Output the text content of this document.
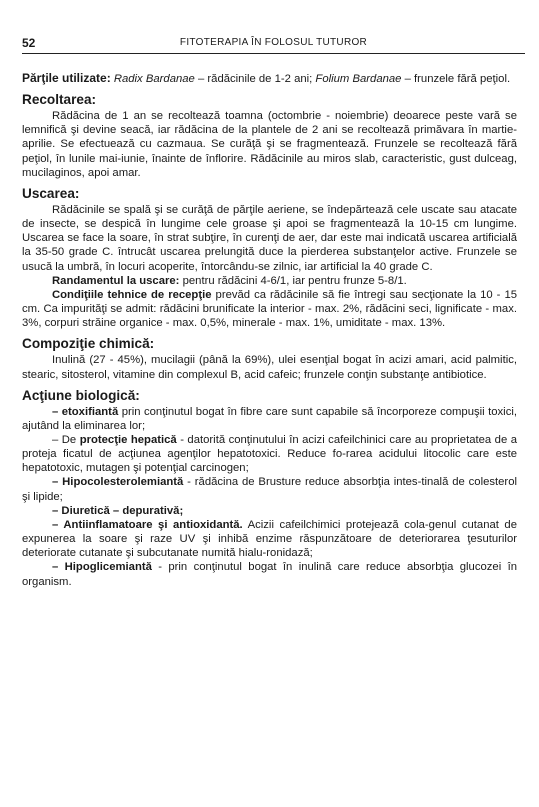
52	FITOTERAPIA ÎN FOLOSUL TUTUROR

Părţile utilizate: Radix Bardanae – rădăcinile de 1-2 ani; Folium Bardanae – frunzele fără peţiol.

Recoltarea:

Rădăcina de 1 an se recoltează toamna (octombrie - noiembrie) deoarece peste vară se lemnifică şi devine seacă, iar rădăcina de la plantele de 2 ani se recoltează primăvara în martie-aprilie. Se efectuează cu cazmaua. Se curăţă şi se fragmentează. Frunzele se recoltează fără peţiol, în lunile mai-iunie, înainte de înflorire. Rădăcinile au miros slab, caracteristic, gust dulceag, mucilaginos, apoi amar.

Uscarea:

Rădăcinile se spală şi se curăţă de părţile aeriene, se îndepărtează cele uscate sau atacate de insecte, se despică în lungime cele groase şi apoi se fragmentează la 10-15 cm lungime. Uscarea se face la soare, în strat subţire, în curenţi de aer, dar este mai indicată uscarea artificială la 35-50 grade C. întrucât uscarea prelungită duce la pierderea substanţelor active. Frunzele se usucă la umbră, în locuri acoperite, întorcându-se zilnic, iar artificial la 40 grade C.

Randamentul la uscare: pentru rădăcini 4-6/1, iar pentru frunze 5-8/1.

Condiţiile tehnice de recepţie prevăd ca rădăcinile să fie întregi sau secţionate la 10 - 15 cm. Ca impurităţi se admit: rădăcini brunificate la interior - max. 2%, rădăcini seci, lignificate - max. 3%, corpuri străine organice - max. 0,5%, minerale - max. 1%, umiditate - max. 13%.

Compoziţie chimică:

Inulină (27 - 45%), mucilagii (până la 69%), ulei esenţial bogat în acizi amari, acid palmitic, stearic, sitosterol, vitamine din complexul B, acid cafeic; frunzele conţin substanţe antibiotice.

Acţiune biologică:

– etoxifiantă prin conţinutul bogat în fibre care sunt capabile să încorporeze compuşii toxici, ajutând la eliminarea lor;

– De protecţie hepatică - datorită conţinutului în acizi cafeilchinici care au proprietatea de a proteja ficatul de acţiunea agenţilor hepatotoxici. Reduce fo-rarea acidului litocolic care este hepatotoxic, mutagen şi potenţial carcinogen;

– Hipocolesterolemiantă - rădăcina de Brusture reduce absorbţia intes-tinală de colesterol şi lipide;

– Diuretică – depurativă;

– Antiinflamatoare şi antioxidantă. Acizii cafeilchimici protejează cola-genul cutanat de expunerea la soare şi raze UV şi inhibă enzime răspunzătoare de deteriorarea ţesuturilor deteriorate cutanate şi subcutanate numită hialu-ronidază;

– Hipoglicemiantă - prin conţinutul bogat în inulină care reduce absorbţia glucozei în organism.
